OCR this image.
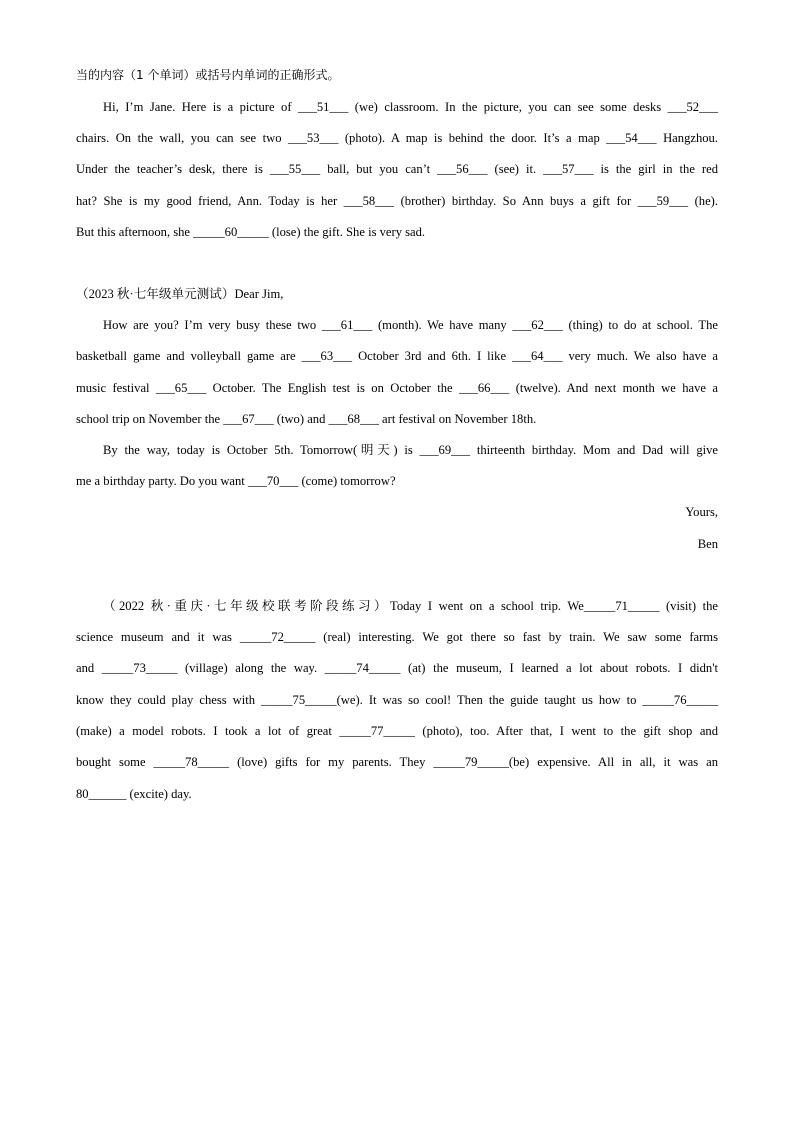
当的内容（1 个单词）或括号内单词的正确形式。
Hi, I’m Jane. Here is a picture of ___51___ (we) classroom. In the picture, you can see some desks ___52___
chairs. On the wall, you can see two ___53___ (photo). A map is behind the door. It’s a map ___54___ Hangzhou.
Under the teacher’s desk, there is ___55___ ball, but you can’t ___56___ (see) it. ___57___ is the girl in the red
hat? She is my good friend, Ann. Today is her ___58___ (brother) birthday. So Ann buys a gift for ___59___ (he).
But this afternoon, she _____60_____ (lose) the gift. She is very sad.
（2023 秋·七年级单元测试）Dear Jim,
How are you? I’m very busy these two ___61___ (month). We have many ___62___ (thing) to do at school. The
basketball game and volleyball game are ___63___ October 3rd and 6th. I like ___64___ very much. We also have a
music festival ___65___ October. The English test is on October the ___66___ (twelve). And next month we have a
school trip on November the ___67___ (two) and ___68___ art festival on November 18th.
By the way, today is October 5th. Tomorrow(明天) is ___69___ thirteenth birthday. Mom and Dad will give
me a birthday party. Do you want ___70___ (come) tomorrow?
Yours,
Ben
（2022 秋·重庆·七年级校联考阶段练习）Today I went on a school trip. We_____71_____ (visit) the
science museum and it was _____72_____ (real) interesting. We got there so fast by train. We saw some farms
and _____73_____ (village) along the way. _____74_____ (at) the museum, I learned a lot about robots. I didn't
know they could play chess with _____75_____(we). It was so cool! Then the guide taught us how to _____76_____
(make) a model robots. I took a lot of great _____77_____ (photo), too. After that, I went to the gift shop and
bought some _____78_____ (love) gifts for my parents. They _____79_____(be) expensive. All in all, it was an
80______ (excite) day.
